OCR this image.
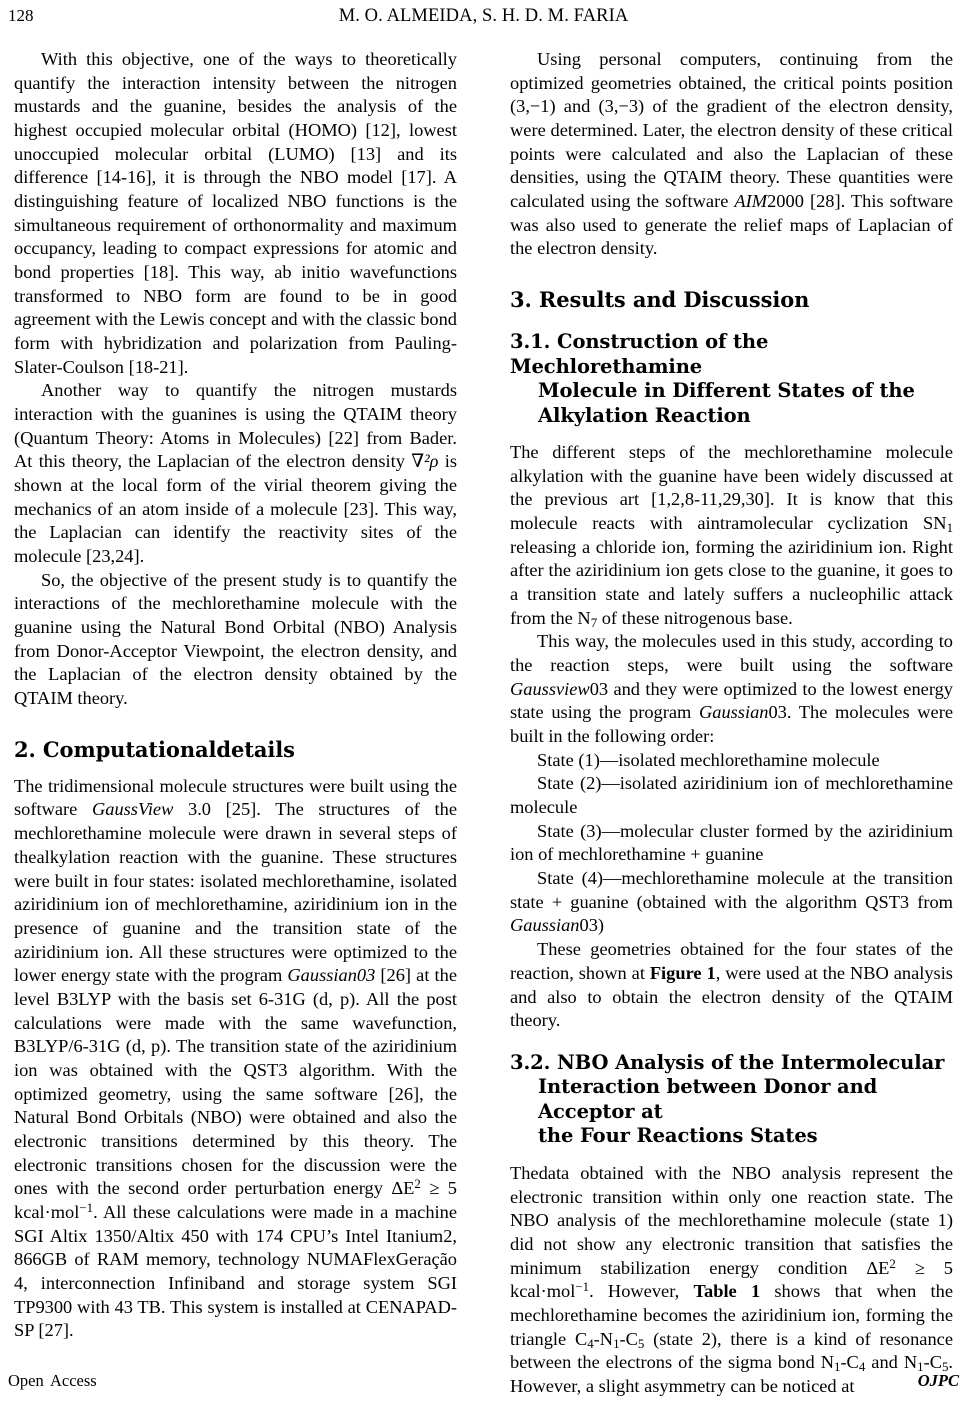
128	M. O. ALMEIDA, S. H. D. M. FARIA

With this objective, one of the ways to theoretically quantify the interaction intensity between the nitrogen mustards and the guanine, besides the analysis of the highest occupied molecular orbital (HOMO) [12], lowest unoccupied molecular orbital (LUMO) [13] and its difference [14-16], it is through the NBO model [17]. A distinguishing feature of localized NBO functions is the simultaneous requirement of orthonormality and maximum occupancy, leading to compact expressions for atomic and bond properties [18]. This way, ab initio wavefunctions transformed to NBO form are found to be in good agreement with the Lewis concept and with the classic bond form with hybridization and polarization from Pauling-Slater-Coulson [18-21].

Another way to quantify the nitrogen mustards interaction with the guanines is using the QTAIM theory (Quantum Theory: Atoms in Molecules) [22] from Bader. At this theory, the Laplacian of the electron density ∇²ρ is shown at the local form of the virial theorem giving the mechanics of an atom inside of a molecule [23]. This way, the Laplacian can identify the reactivity sites of the molecule [23,24].

So, the objective of the present study is to quantify the interactions of the mechlorethamine molecule with the guanine using the Natural Bond Orbital (NBO) Analysis from Donor-Acceptor Viewpoint, the electron density, and the Laplacian of the electron density obtained by the QTAIM theory.

2. Computationaldetails

The tridimensional molecule structures were built using the software GaussView 3.0 [25]. The structures of the mechlorethamine molecule were drawn in several steps of thealkylation reaction with the guanine. These structures were built in four states: isolated mechlorethamine, isolated aziridinium ion of mechlorethamine, aziridinium ion in the presence of guanine and the transition state of the aziridinium ion. All these structures were optimized to the lower energy state with the program Gaussian03 [26] at the level B3LYP with the basis set 6-31G (d, p). All the post calculations were made with the same wavefunction, B3LYP/6-31G (d, p). The transition state of the aziridinium ion was obtained with the QST3 algorithm. With the optimized geometry, using the same software [26], the Natural Bond Orbitals (NBO) were obtained and also the electronic transitions determined by this theory. The electronic transitions chosen for the discussion were the ones with the second order perturbation energy $\Delta E^2 \ge 5$ kcal·mol$^{-1}$. All these calculations were made in a machine SGI Altix 1350/Altix 450 with 174 CPU’s Intel Itanium2, 866GB of RAM memory, technology NUMAFlexGeração 4, interconnection Infiniband and storage system SGI TP9300 with 43 TB. This system is installed at CENAPAD-SP [27].

Using personal computers, continuing from the optimized geometries obtained, the critical points position (3,−1) and (3,−3) of the gradient of the electron density, were determined. Later, the electron density of these critical points were calculated and also the Laplacian of these densities, using the QTAIM theory. These quantities were calculated using the software AIM2000 [28]. This software was also used to generate the relief maps of Laplacian of the electron density.

3. Results and Discussion
3.1. Construction of the Mechlorethamine
Molecule in Different States of the
Alkylation Reaction

The different steps of the mechlorethamine molecule alkylation with the guanine have been widely discussed at the previous art [1,2,8-11,29,30]. It is know that this molecule reacts with aintramolecular cyclization $SN_1$ releasing a chloride ion, forming the aziridinium ion. Right after the aziridinium ion gets close to the guanine, it goes to a transition state and lately suffers a nucleophilic attack from the $N_7$ of these nitrogenous base.

This way, the molecules used in this study, according to the reaction steps, were built using the software Gaussview03 and they were optimized to the lowest energy state using the program Gaussian03. The molecules were built in the following order:

State (1)—isolated mechlorethamine molecule

State (2)—isolated aziridinium ion of mechlorethamine molecule

State (3)—molecular cluster formed by the aziridinium ion of mechlorethamine + guanine

State (4)—mechlorethamine molecule at the transition state + guanine (obtained with the algorithm QST3 from Gaussian03)

These geometries obtained for the four states of the reaction, shown at Figure 1, were used at the NBO analysis and also to obtain the electron density of the QTAIM theory.

3.2. NBO Analysis of the Intermolecular
Interaction between Donor and Acceptor at
the Four Reactions States

Thedata obtained with the NBO analysis represent the electronic transition within only one reaction state. The NBO analysis of the mechlorethamine molecule (state 1) did not show any electronic transition that satisfies the minimum stabilization energy condition $\Delta E^2 \ge 5$ kcal·mol$^{-1}$. However, Table 1 shows that when the mechlorethamine becomes the aziridinium ion, forming the triangle $C_4-N_1-C_5$ (state 2), there is a kind of resonance between the electrons of the sigma bond $N_1-C_4$ and $N_1-C_5$. However, a slight asymmetry can be noticed at

Open Access	OJPC
